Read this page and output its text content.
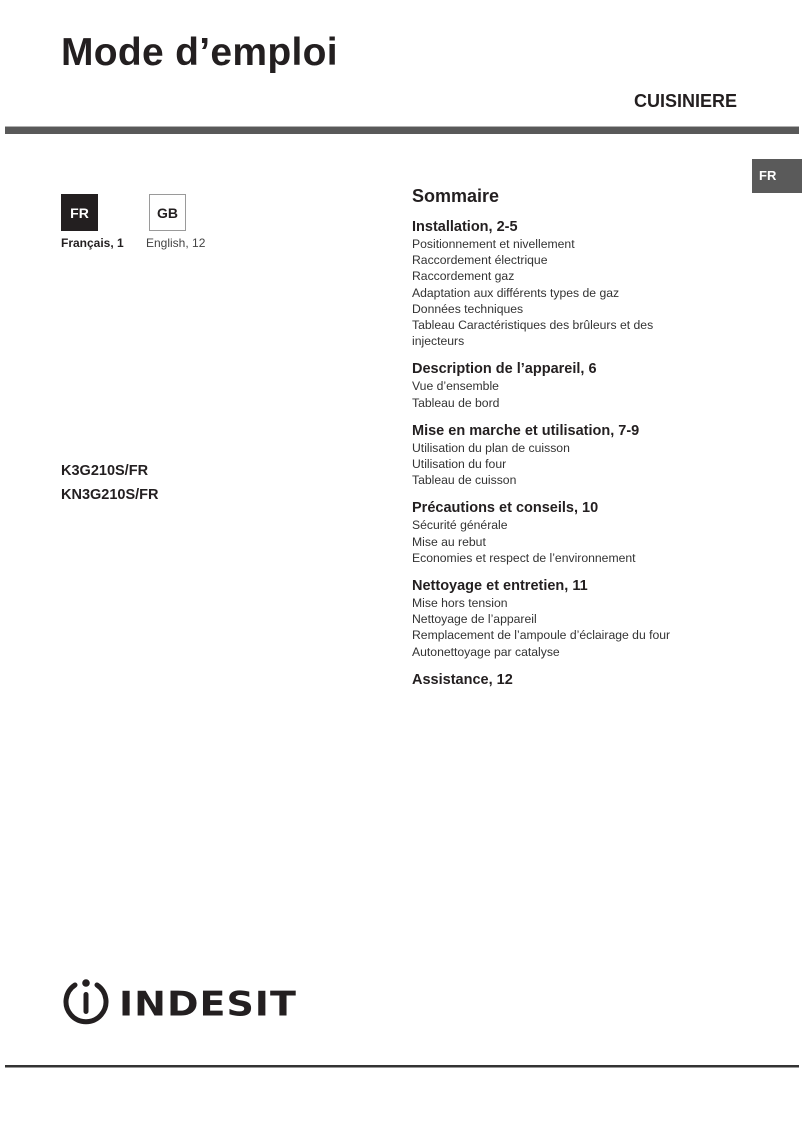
Mode d’emploi
CUISINIERE
FR
FR	GB
Français, 1 English, 12
K3G210S/FR
KN3G210S/FR
Sommaire
Installation, 2-5
Positionnement et nivellement
Raccordement électrique
Raccordement gaz
Adaptation aux différents types de gaz
Données techniques
Tableau Caractéristiques des brûleurs et des
injecteurs
Description de l’appareil, 6
Vue d’ensemble
Tableau de bord
Mise en marche et utilisation, 7-9
Utilisation du plan de cuisson
Utilisation du four
Tableau de cuisson
Précautions et conseils, 10
Sécurité générale
Mise au rebut
Economies et respect de l’environnement
Nettoyage et entretien, 11
Mise hors tension
Nettoyage de l’appareil
Remplacement de l’ampoule d’éclairage du four
Autonettoyage par catalyse
Assistance, 12
INDESIT
